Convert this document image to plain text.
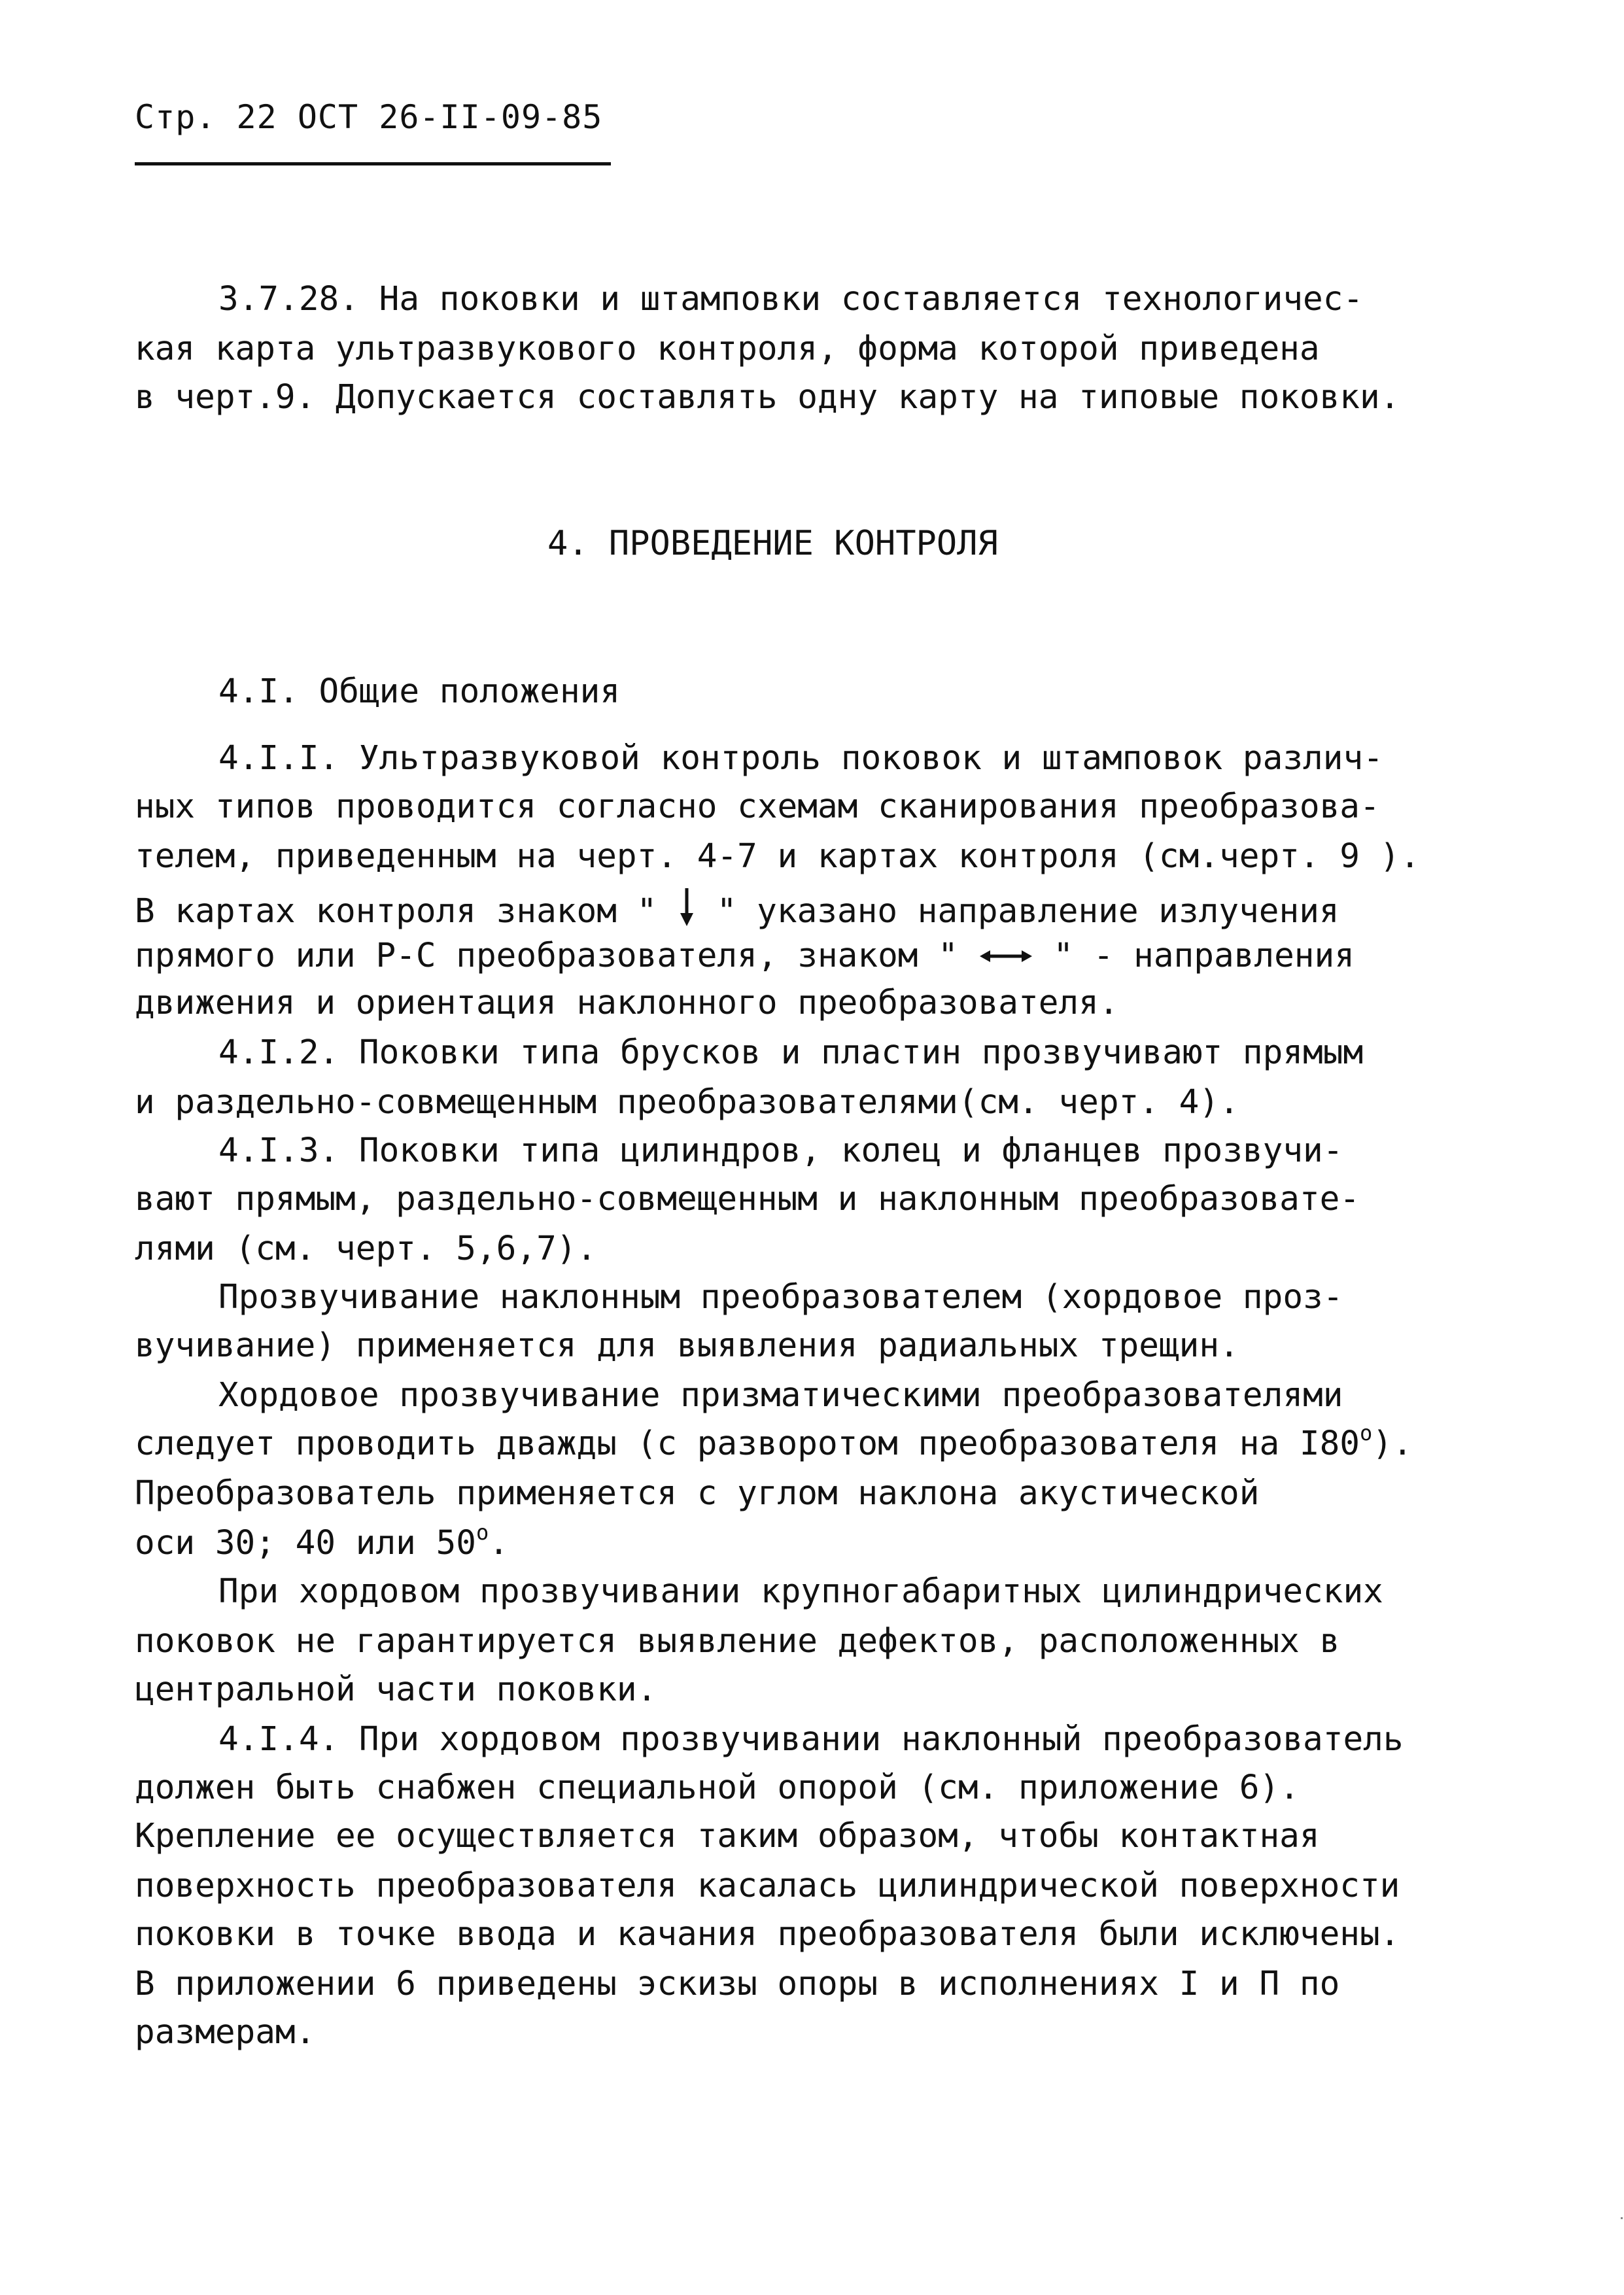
Стр. 22 ОСТ 26-II-09-85
3.7.28. На поковки и штамповки составляется технологичес-
кая карта ультразвукового контроля, форма которой приведена
в черт.9. Допускается составлять одну карту на типовые поковки.
4. ПРОВЕДЕНИЕ КОНТРОЛЯ
4.I. Общие положения
4.I.I. Ультразвуковой контроль поковок и штамповок различ-
ных типов проводится согласно схемам сканирования преобразова-
телем, приведенным на черт. 4-7 и картах контроля (см.черт. 9 ).
В картах контроля знаком " " указано направление излучения
прямого или Р-С преобразователя, знаком "	" - направления
движения и ориентация наклонного преобразователя.
4.I.2. Поковки типа брусков и пластин прозвучивают прямым
и раздельно-совмещенным преобразователями(см. черт. 4).
4.I.3. Поковки типа цилиндров, колец и фланцев прозвучи-
вают прямым, раздельно-совмещенным и наклонным преобразовате-
лями (см. черт. 5,6,7).
Прозвучивание наклонным преобразователем (хордовое проз-
вучивание) применяется для выявления радиальных трещин.
Хордовое прозвучивание призматическими преобразователями
следует проводить дважды (с разворотом преобразователя на $I80^о$).
Преобразователь применяется с углом наклона акустической
оси 30; 40 или $50^о$.
При хордовом прозвучивании крупногабаритных цилиндрических
поковок не гарантируется выявление дефектов, расположенных в
центральной части поковки.
4.I.4. При хордовом прозвучивании наклонный преобразователь
должен быть снабжен специальной опорой (см. приложение 6).
Крепление ее осуществляется таким образом, чтобы контактная
поверхность преобразователя касалась цилиндрической поверхности
поковки в точке ввода и качания преобразователя были исключены.
В приложении 6 приведены эскизы опоры в исполнениях I и П по
размерам.
